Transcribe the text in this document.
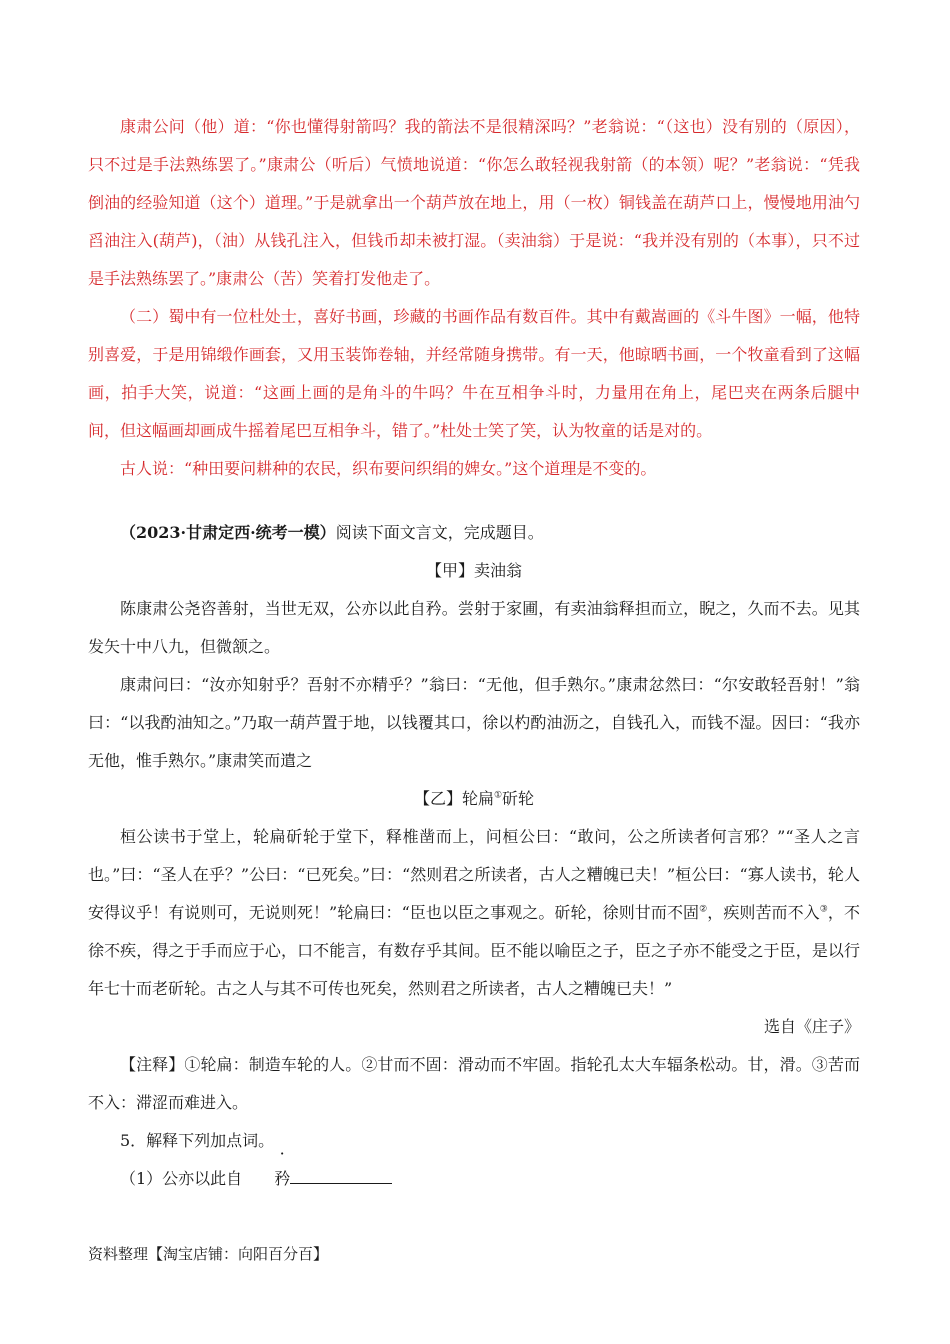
康肃公问（他）道：“你也懂得射箭吗？我的箭法不是很精深吗？”老翁说：“（这也）没有别的（原因），只不过是手法熟练罢了。”康肃公（听后）气愤地说道：“你怎么敢轻视我射箭（的本领）呢？”老翁说：“凭我倒油的经验知道（这个）道理。”于是就拿出一个葫芦放在地上，用（一枚）铜钱盖在葫芦口上，慢慢地用油勺舀油注入(葫芦)，（油）从钱孔注入，但钱币却未被打湿。（卖油翁）于是说：“我并没有别的（本事），只不过是手法熟练罢了。”康肃公（苦）笑着打发他走了。

（二）蜀中有一位杜处士，喜好书画，珍藏的书画作品有数百件。其中有戴嵩画的《斗牛图》一幅，他特别喜爱，于是用锦缎作画套，又用玉装饰卷轴，并经常随身携带。有一天，他晾晒书画，一个牧童看到了这幅画，拍手大笑，说道：“这画上画的是角斗的牛吗？牛在互相争斗时，力量用在角上，尾巴夹在两条后腿中间，但这幅画却画成牛摇着尾巴互相争斗，错了。”杜处士笑了笑，认为牧童的话是对的。

古人说：“种田要问耕种的农民，织布要问织绢的婢女。”这个道理是不变的。

（2023·甘肃定西·统考一模）阅读下面文言文，完成题目。

【甲】卖油翁

陈康肃公尧咨善射，当世无双，公亦以此自矜。尝射于家圃，有卖油翁释担而立，睨之，久而不去。见其发矢十中八九，但微颔之。

康肃问曰：“汝亦知射乎？吾射不亦精乎？”翁曰：“无他，但手熟尔。”康肃忿然曰：“尔安敢轻吾射！”翁曰：“以我酌油知之。”乃取一葫芦置于地，以钱覆其口，徐以杓酌油沥之，自钱孔入，而钱不湿。因曰：“我亦无他，惟手熟尔。”康肃笑而遣之

【乙】轮扁①斫轮

桓公读书于堂上，轮扁斫轮于堂下，释椎凿而上，问桓公曰：“敢问，公之所读者何言邪？”“圣人之言也。”曰：“圣人在乎？”公曰：“已死矣。”曰：“然则君之所读者，古人之糟魄已夫！”桓公曰：“寡人读书，轮人安得议乎！有说则可，无说则死！”轮扁曰：“臣也以臣之事观之。斫轮，徐则甘而不固②，疾则苦而不入③，不徐不疾，得之于手而应于心，口不能言，有数存乎其间。臣不能以喻臣之子，臣之子亦不能受之于臣，是以行年七十而老斫轮。古之人与其不可传也死矣，然则君之所读者，古人之糟魄已夫！”

选自《庄子》

【注释】①轮扁：制造车轮的人。②甘而不固：滑动而不牢固。指轮孔太大车辐条松动。甘，滑。③苦而不入：滞涩而难进入。

5．解释下列加点词。

（1）公亦以此自 矜

资料整理【淘宝店铺：向阳百分百】
